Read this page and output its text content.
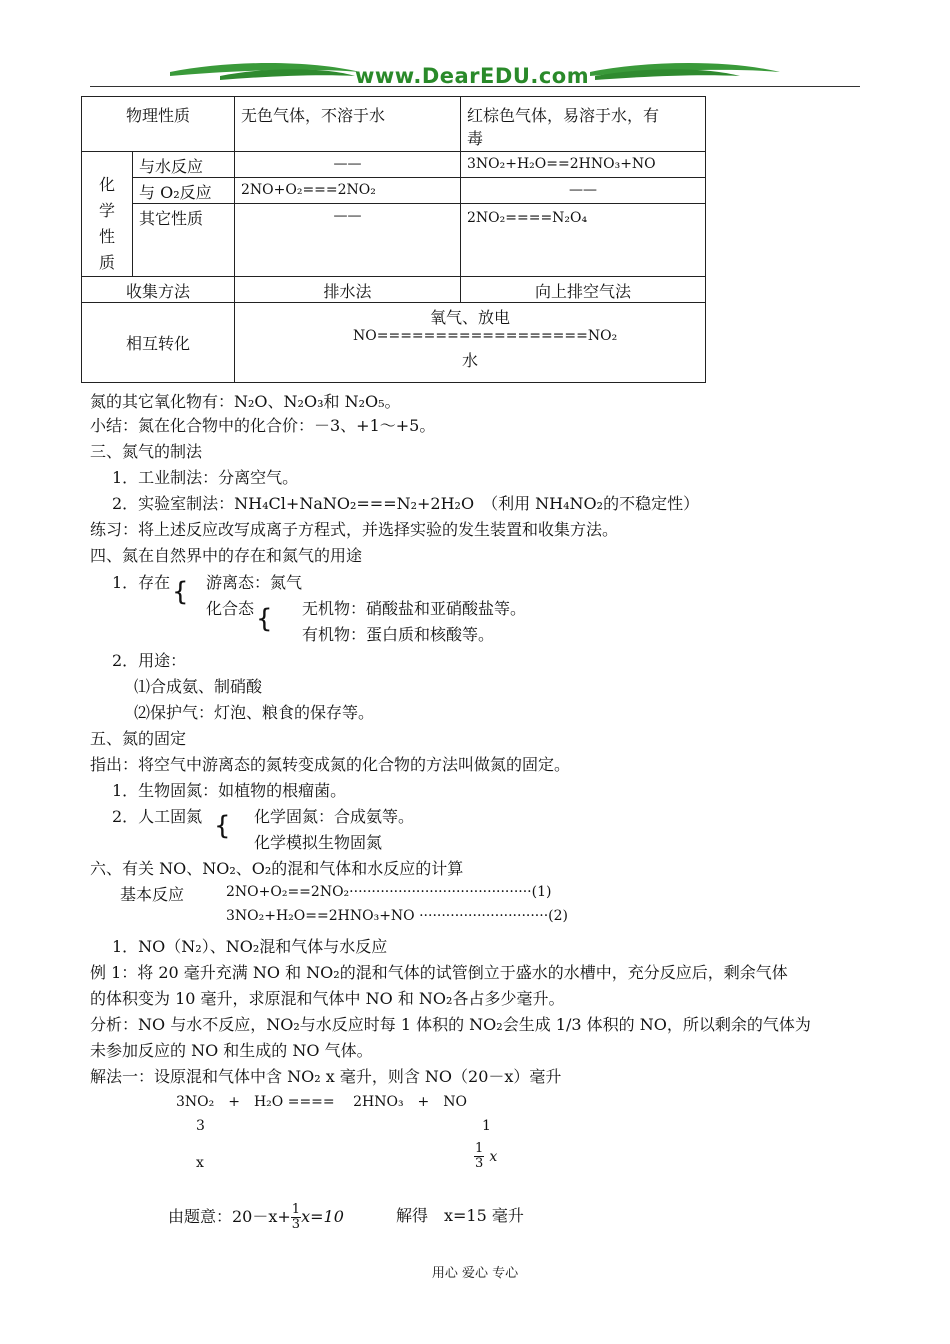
www.DearEDU.com
物理性质		无色气体，不溶于水	红棕色气体，易溶于水，有
毒

化
学
性
质	与水反应	——	3NO₂+H₂O==2HNO₃+NO
	与 O₂反应	2NO+O₂===2NO₂	——
	其它性质	——	2NO₂====N₂O₄
收集方法		排水法	向上排空气法
相互转化		氧气、放电
NO==================NO₂
水	
氮的其它氧化物有：N₂O、N₂O₃和 N₂O₅。
小结：氮在化合物中的化合价：－3、+1～+5。
三、氮气的制法
1．工业制法：分离空气。
2．实验室制法：NH₄Cl+NaNO₂===N₂+2H₂O　（利用 NH₄NO₂的不稳定性）
练习：将上述反应改写成离子方程式，并选择实验的发生装置和收集方法。
四、氮在自然界中的存在和氮气的用途
1．存在 游离态：氮气
{
化合态	无机物：硝酸盐和亚硝酸盐等。
{
有机物：蛋白质和核酸等。
2．用途：
⑴合成氨、制硝酸
⑵保护气：灯泡、粮食的保存等。
五、氮的固定
指出：将空气中游离态的氮转变成氮的化合物的方法叫做氮的固定。
1．生物固氮：如植物的根瘤菌。
2．人工固氮	化学固氮：合成氨等。
{
化学模拟生物固氮
六、有关 NO、NO₂、O₂的混和气体和水反应的计算
基本反应	2NO+O₂==2NO₂·········································(1)
3NO₂+H₂O==2HNO₃+NO ·····························(2)
1．NO（N₂）、NO₂混和气体与水反应
例 1：将 20 毫升充满 NO 和 NO₂的混和气体的试管倒立于盛水的水槽中，充分反应后，剩余气体
的体积变为 10 毫升，求原混和气体中 NO 和 NO₂各占多少毫升。
分析：NO 与水不反应，NO₂与水反应时每 1 体积的 NO₂会生成 1/3 体积的 NO，所以剩余的气体为
未参加反应的 NO 和生成的 NO 气体。
解法一：设原混和气体中含 NO₂ x 毫升，则含 NO（20－x）毫升
3NO₂　+　H₂O ====　 2HNO₃　+　NO
3	1
x	$\frac{1}{3}$ x
由题意：$20-x+ \frac{1}{3} x=10$	解得　x=15 毫升
用心 爱心 专心
